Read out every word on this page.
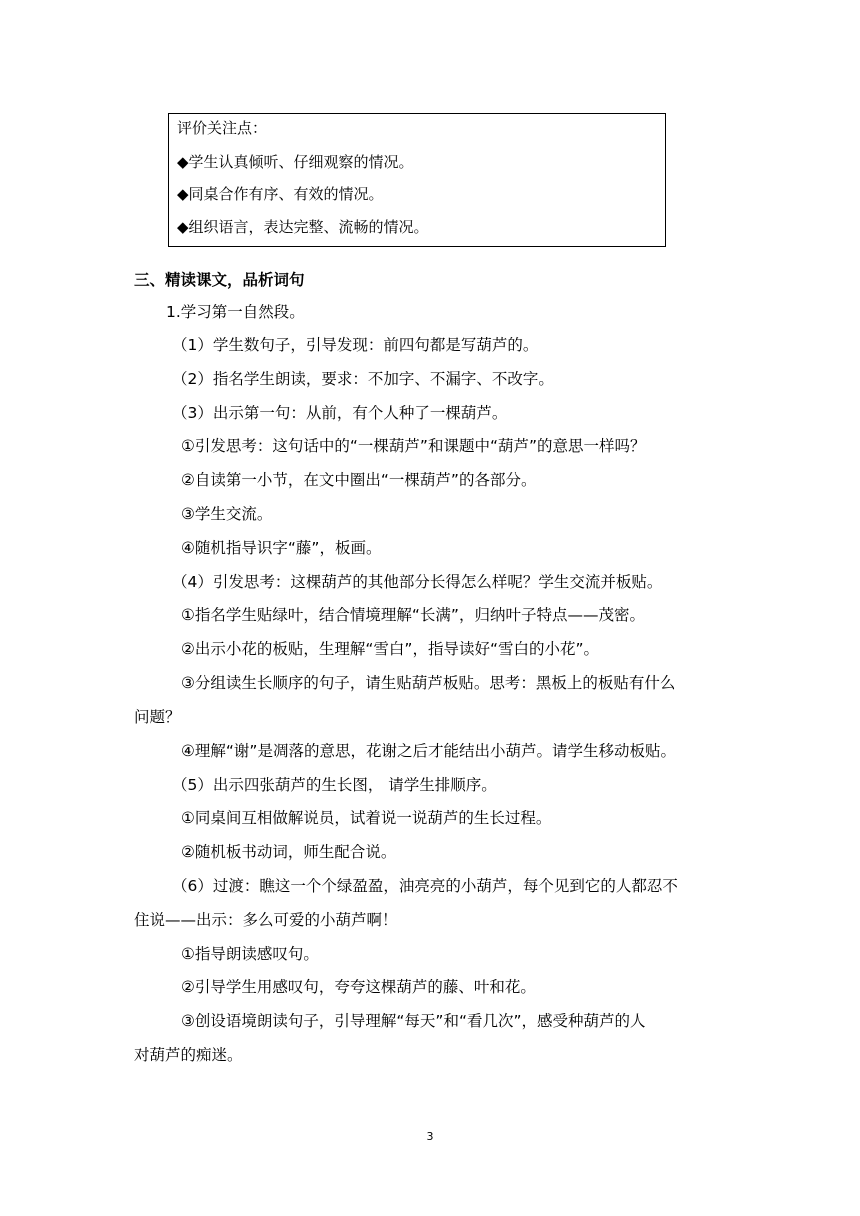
评价关注点：
◆学生认真倾听、仔细观察的情况。
◆同桌合作有序、有效的情况。
◆组织语言，表达完整、流畅的情况。
三、精读课文，品析词句
1.学习第一自然段。
（1）学生数句子，引导发现：前四句都是写葫芦的。
（2）指名学生朗读，要求：不加字、不漏字、不改字。
（3）出示第一句：从前，有个人种了一棵葫芦。
①引发思考：这句话中的“一棵葫芦”和课题中“葫芦”的意思一样吗？
②自读第一小节，在文中圈出“一棵葫芦”的各部分。
③学生交流。
④随机指导识字“藤”，板画。
（4）引发思考：这棵葫芦的其他部分长得怎么样呢？学生交流并板贴。
①指名学生贴绿叶，结合情境理解“长满”，归纳叶子特点——茂密。
②出示小花的板贴，生理解“雪白”，指导读好“雪白的小花”。
③分组读生长顺序的句子，请生贴葫芦板贴。思考：黑板上的板贴有什么
问题？
④理解“谢”是凋落的意思，花谢之后才能结出小葫芦。请学生移动板贴。
（5）出示四张葫芦的生长图， 请学生排顺序。
①同桌间互相做解说员，试着说一说葫芦的生长过程。
②随机板书动词，师生配合说。
（6）过渡：瞧这一个个绿盈盈，油亮亮的小葫芦，每个见到它的人都忍不
住说——出示：多么可爱的小葫芦啊！
①指导朗读感叹句。
②引导学生用感叹句，夸夸这棵葫芦的藤、叶和花。
③创设语境朗读句子，引导理解“每天”和“看几次”，感受种葫芦的人
对葫芦的痴迷。
3
